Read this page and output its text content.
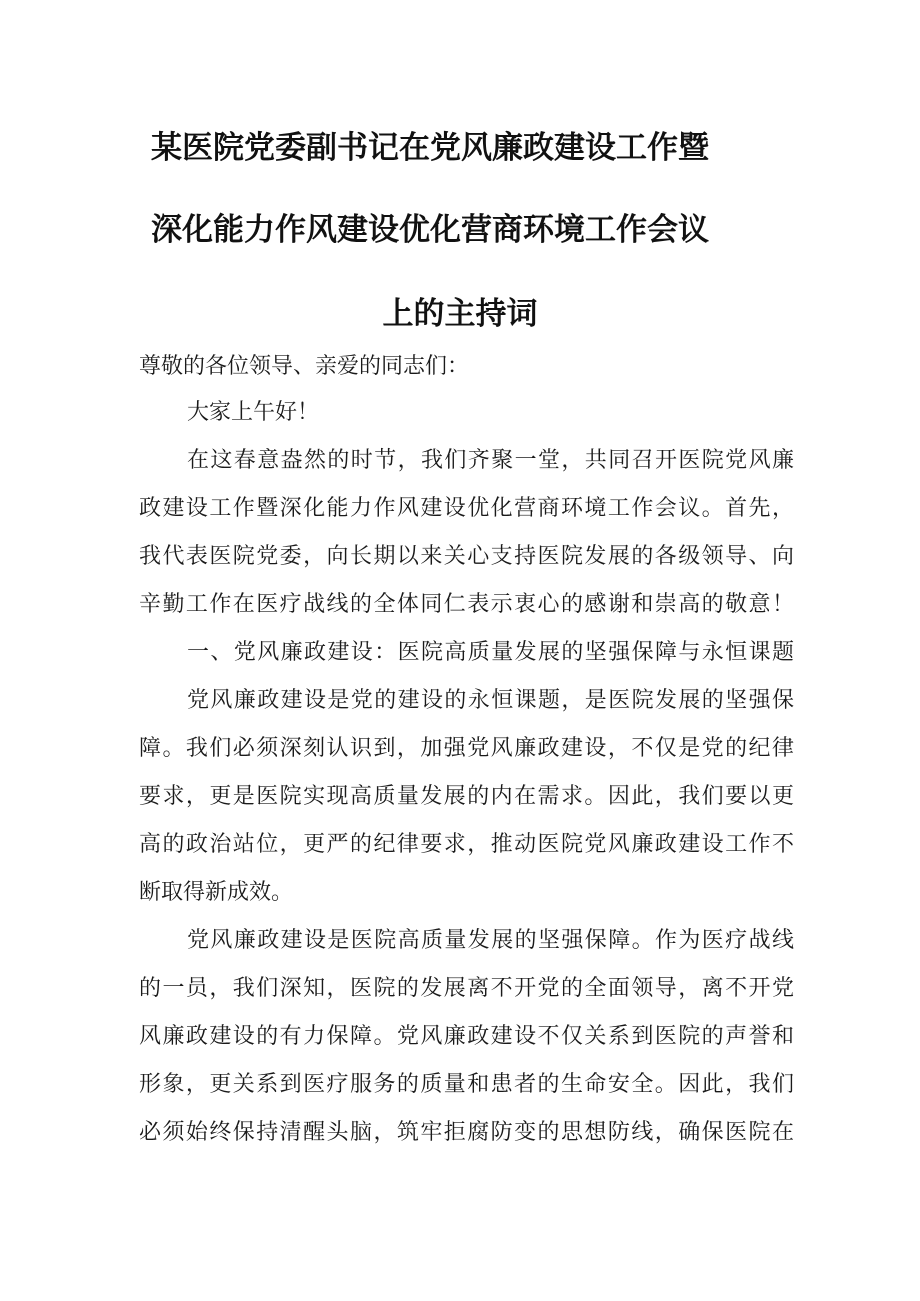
某医院党委副书记在党风廉政建设工作暨
深化能力作风建设优化营商环境工作会议
上的主持词
尊敬的各位领导、亲爱的同志们：
大家上午好！
在这春意盎然的时节，我们齐聚一堂，共同召开医院党风廉
政建设工作暨深化能力作风建设优化营商环境工作会议。首先，
我代表医院党委，向长期以来关心支持医院发展的各级领导、向
辛勤工作在医疗战线的全体同仁表示衷心的感谢和崇高的敬意！
一、党风廉政建设：医院高质量发展的坚强保障与永恒课题
党风廉政建设是党的建设的永恒课题，是医院发展的坚强保
障。我们必须深刻认识到，加强党风廉政建设，不仅是党的纪律
要求，更是医院实现高质量发展的内在需求。因此，我们要以更
高的政治站位，更严的纪律要求，推动医院党风廉政建设工作不
断取得新成效。
党风廉政建设是医院高质量发展的坚强保障。作为医疗战线
的一员，我们深知，医院的发展离不开党的全面领导，离不开党
风廉政建设的有力保障。党风廉政建设不仅关系到医院的声誉和
形象，更关系到医疗服务的质量和患者的生命安全。因此，我们
必须始终保持清醒头脑，筑牢拒腐防变的思想防线，确保医院在
